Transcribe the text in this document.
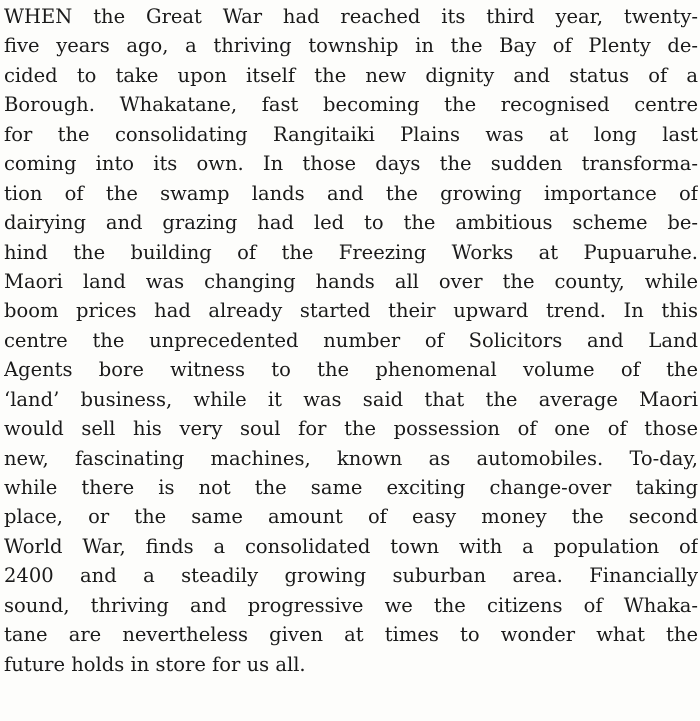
WHEN the Great War had reached its third year, twenty-
five years ago, a thriving township in the Bay of Plenty de-
cided to take upon itself the new dignity and status of a
Borough. Whakatane, fast becoming the recognised centre
for the consolidating Rangitaiki Plains was at long last
coming into its own. In those days the sudden transforma-
tion of the swamp lands and the growing importance of
dairying and grazing had led to the ambitious scheme be-
hind the building of the Freezing Works at Pupuaruhe.
Maori land was changing hands all over the county, while
boom prices had already started their upward trend. In this
centre the unprecedented number of Solicitors and Land
Agents bore witness to the phenomenal volume of the
‘land’ business, while it was said that the average Maori
would sell his very soul for the possession of one of those
new, fascinating machines, known as automobiles. To-day,
while there is not the same exciting change-over taking
place, or the same amount of easy money the second
World War, finds a consolidated town with a population of
2400 and a steadily growing suburban area. Financially
sound, thriving and progressive we the citizens of Whaka-
tane are nevertheless given at times to wonder what the
future holds in store for us all.
